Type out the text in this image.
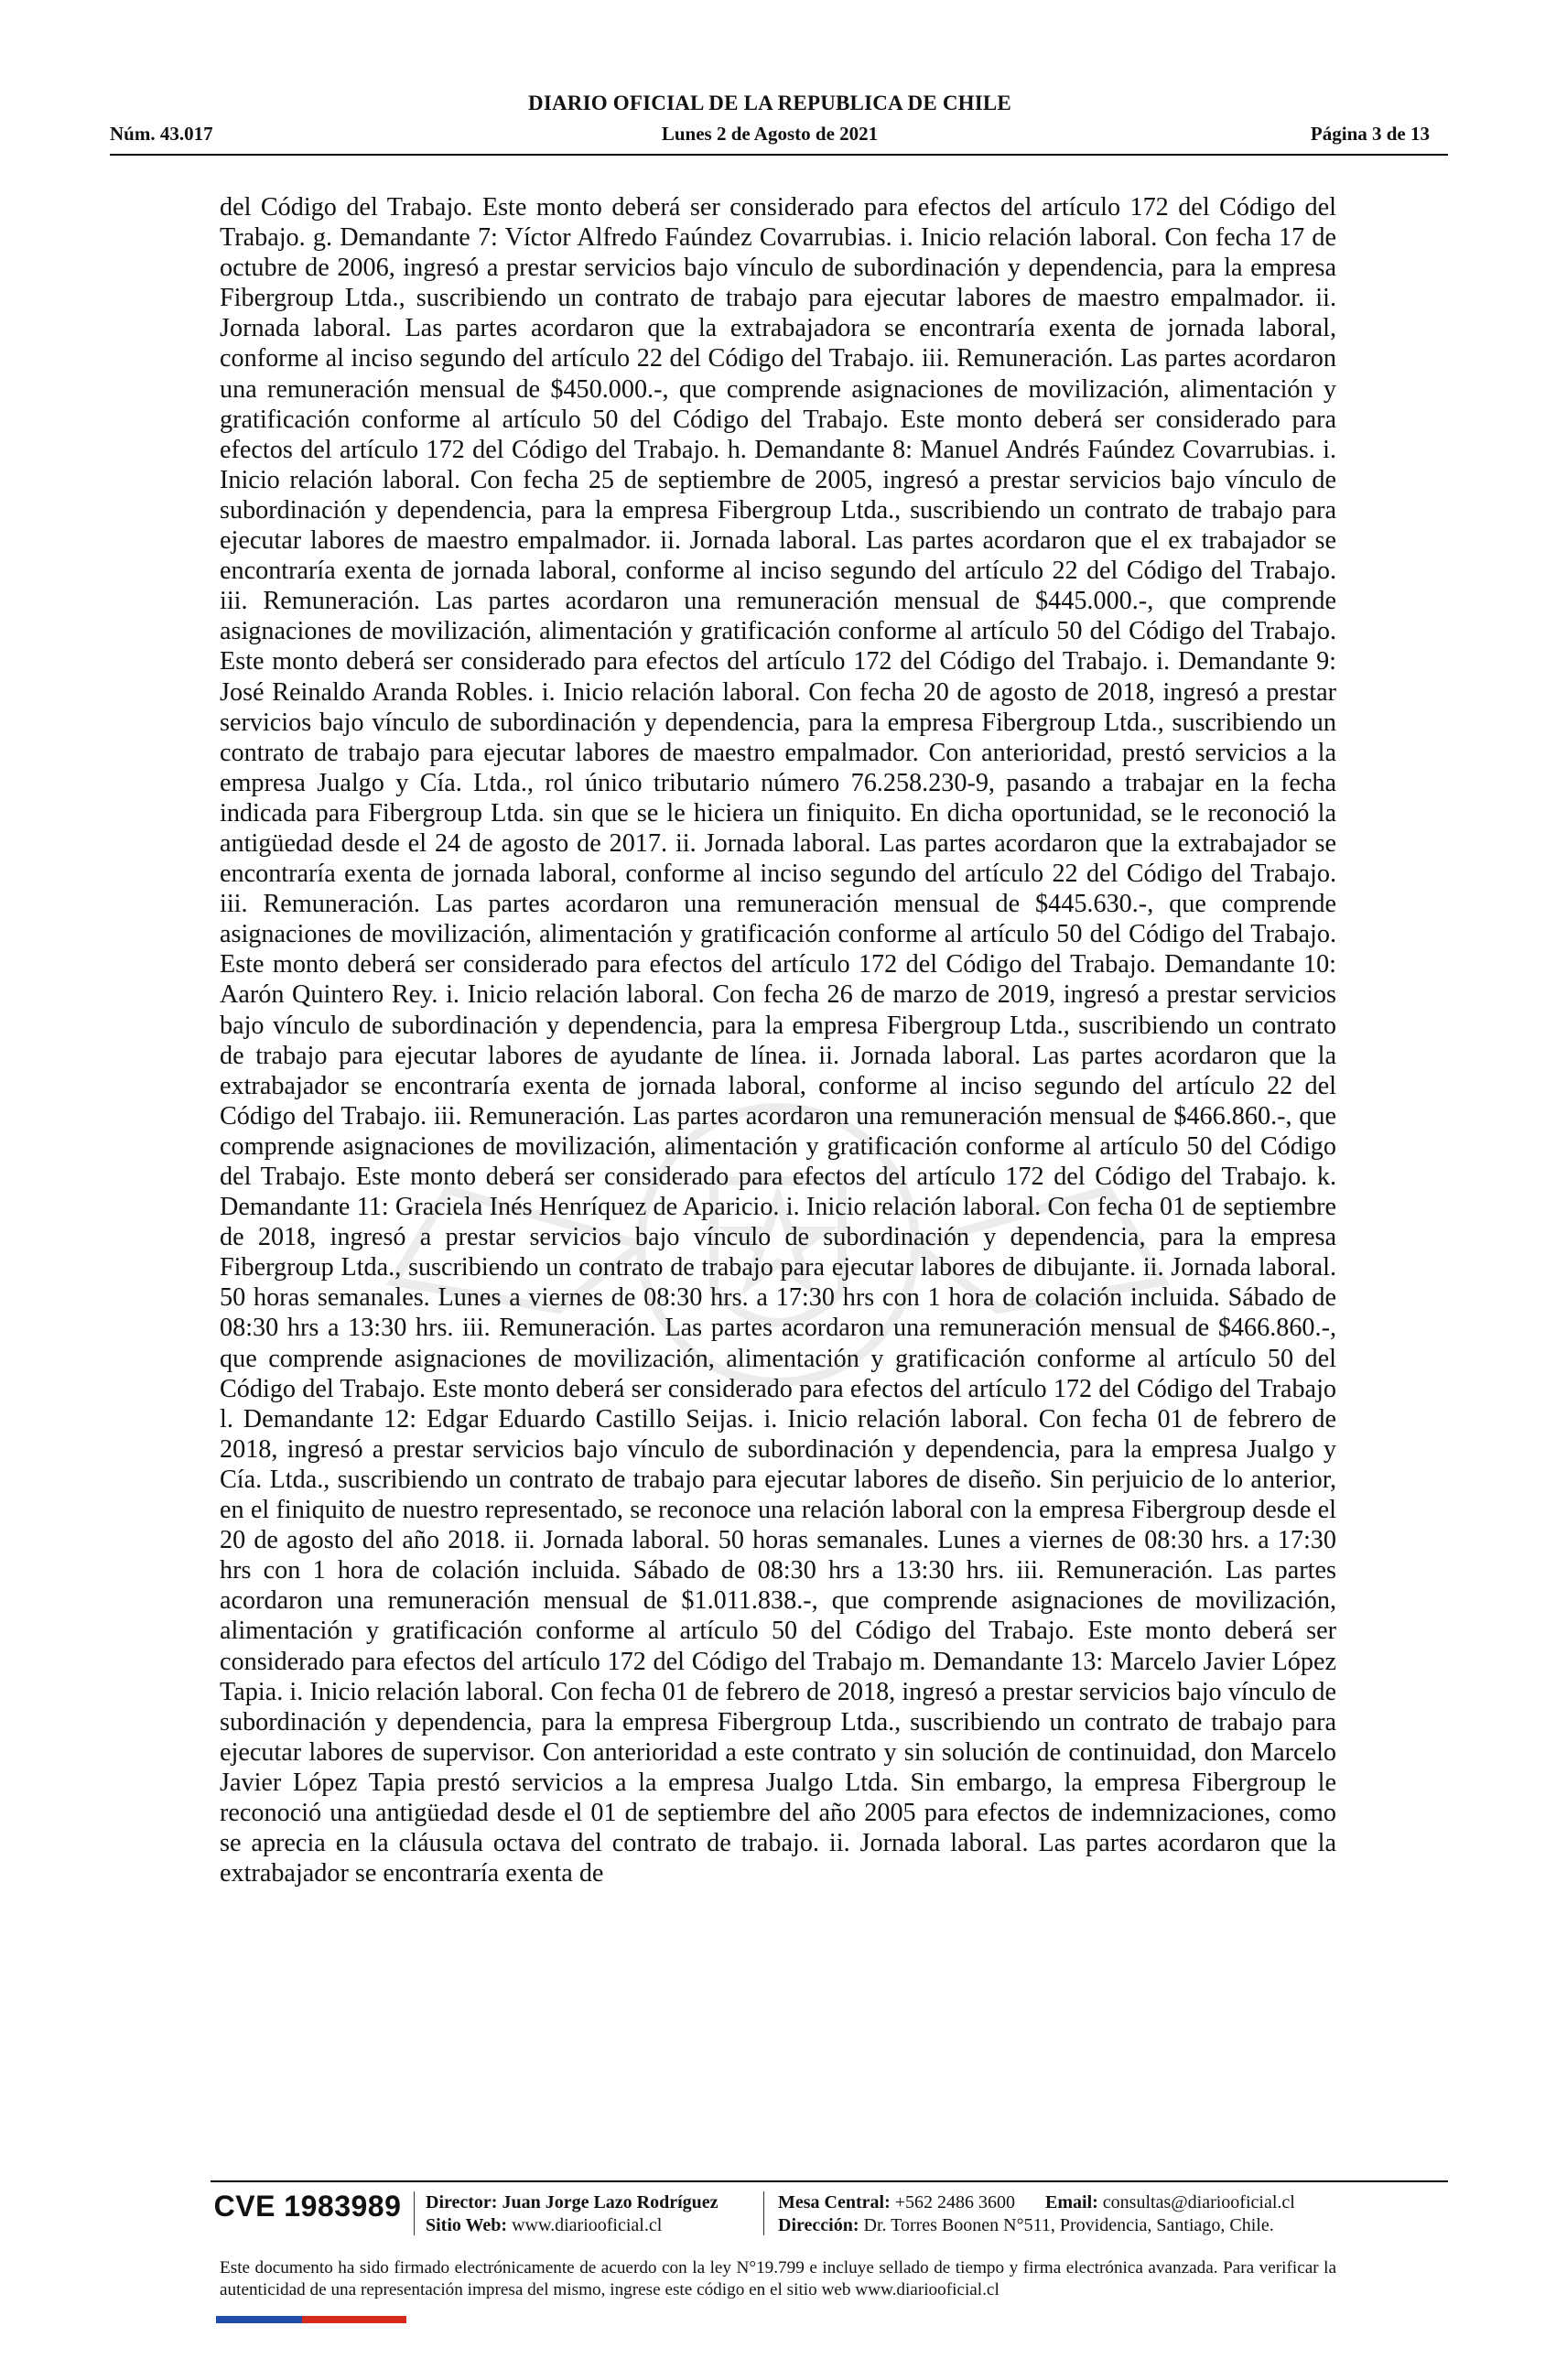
DIARIO OFICIAL DE LA REPUBLICA DE CHILE
Núm. 43.017	Lunes 2 de Agosto de 2021	Página 3 de 13
del Código del Trabajo. Este monto deberá ser considerado para efectos del artículo 172 del Código del Trabajo. g. Demandante 7: Víctor Alfredo Faúndez Covarrubias. i. Inicio relación laboral. Con fecha 17 de octubre de 2006, ingresó a prestar servicios bajo vínculo de subordinación y dependencia, para la empresa Fibergroup Ltda., suscribiendo un contrato de trabajo para ejecutar labores de maestro empalmador. ii. Jornada laboral. Las partes acordaron que la extrabajadora se encontraría exenta de jornada laboral, conforme al inciso segundo del artículo 22 del Código del Trabajo. iii. Remuneración. Las partes acordaron una remuneración mensual de $450.000.-, que comprende asignaciones de movilización, alimentación y gratificación conforme al artículo 50 del Código del Trabajo. Este monto deberá ser considerado para efectos del artículo 172 del Código del Trabajo. h. Demandante 8: Manuel Andrés Faúndez Covarrubias. i. Inicio relación laboral. Con fecha 25 de septiembre de 2005, ingresó a prestar servicios bajo vínculo de subordinación y dependencia, para la empresa Fibergroup Ltda., suscribiendo un contrato de trabajo para ejecutar labores de maestro empalmador. ii. Jornada laboral. Las partes acordaron que el ex trabajador se encontraría exenta de jornada laboral, conforme al inciso segundo del artículo 22 del Código del Trabajo. iii. Remuneración. Las partes acordaron una remuneración mensual de $445.000.-, que comprende asignaciones de movilización, alimentación y gratificación conforme al artículo 50 del Código del Trabajo. Este monto deberá ser considerado para efectos del artículo 172 del Código del Trabajo. i. Demandante 9: José Reinaldo Aranda Robles. i. Inicio relación laboral. Con fecha 20 de agosto de 2018, ingresó a prestar servicios bajo vínculo de subordinación y dependencia, para la empresa Fibergroup Ltda., suscribiendo un contrato de trabajo para ejecutar labores de maestro empalmador. Con anterioridad, prestó servicios a la empresa Jualgo y Cía. Ltda., rol único tributario número 76.258.230-9, pasando a trabajar en la fecha indicada para Fibergroup Ltda. sin que se le hiciera un finiquito. En dicha oportunidad, se le reconoció la antigüedad desde el 24 de agosto de 2017. ii. Jornada laboral. Las partes acordaron que la extrabajador se encontraría exenta de jornada laboral, conforme al inciso segundo del artículo 22 del Código del Trabajo. iii. Remuneración. Las partes acordaron una remuneración mensual de $445.630.-, que comprende asignaciones de movilización, alimentación y gratificación conforme al artículo 50 del Código del Trabajo. Este monto deberá ser considerado para efectos del artículo 172 del Código del Trabajo. Demandante 10: Aarón Quintero Rey. i. Inicio relación laboral. Con fecha 26 de marzo de 2019, ingresó a prestar servicios bajo vínculo de subordinación y dependencia, para la empresa Fibergroup Ltda., suscribiendo un contrato de trabajo para ejecutar labores de ayudante de línea. ii. Jornada laboral. Las partes acordaron que la extrabajador se encontraría exenta de jornada laboral, conforme al inciso segundo del artículo 22 del Código del Trabajo. iii. Remuneración. Las partes acordaron una remuneración mensual de $466.860.-, que comprende asignaciones de movilización, alimentación y gratificación conforme al artículo 50 del Código del Trabajo. Este monto deberá ser considerado para efectos del artículo 172 del Código del Trabajo. k. Demandante 11: Graciela Inés Henríquez de Aparicio. i. Inicio relación laboral. Con fecha 01 de septiembre de 2018, ingresó a prestar servicios bajo vínculo de subordinación y dependencia, para la empresa Fibergroup Ltda., suscribiendo un contrato de trabajo para ejecutar labores de dibujante. ii. Jornada laboral. 50 horas semanales. Lunes a viernes de 08:30 hrs. a 17:30 hrs con 1 hora de colación incluida. Sábado de 08:30 hrs a 13:30 hrs. iii. Remuneración. Las partes acordaron una remuneración mensual de $466.860.-, que comprende asignaciones de movilización, alimentación y gratificación conforme al artículo 50 del Código del Trabajo. Este monto deberá ser considerado para efectos del artículo 172 del Código del Trabajo l. Demandante 12: Edgar Eduardo Castillo Seijas. i. Inicio relación laboral. Con fecha 01 de febrero de 2018, ingresó a prestar servicios bajo vínculo de subordinación y dependencia, para la empresa Jualgo y Cía. Ltda., suscribiendo un contrato de trabajo para ejecutar labores de diseño. Sin perjuicio de lo anterior, en el finiquito de nuestro representado, se reconoce una relación laboral con la empresa Fibergroup desde el 20 de agosto del año 2018. ii. Jornada laboral. 50 horas semanales. Lunes a viernes de 08:30 hrs. a 17:30 hrs con 1 hora de colación incluida. Sábado de 08:30 hrs a 13:30 hrs. iii. Remuneración. Las partes acordaron una remuneración mensual de $1.011.838.-, que comprende asignaciones de movilización, alimentación y gratificación conforme al artículo 50 del Código del Trabajo. Este monto deberá ser considerado para efectos del artículo 172 del Código del Trabajo m. Demandante 13: Marcelo Javier López Tapia. i. Inicio relación laboral. Con fecha 01 de febrero de 2018, ingresó a prestar servicios bajo vínculo de subordinación y dependencia, para la empresa Fibergroup Ltda., suscribiendo un contrato de trabajo para ejecutar labores de supervisor. Con anterioridad a este contrato y sin solución de continuidad, don Marcelo Javier López Tapia prestó servicios a la empresa Jualgo Ltda. Sin embargo, la empresa Fibergroup le reconoció una antigüedad desde el 01 de septiembre del año 2005 para efectos de indemnizaciones, como se aprecia en la cláusula octava del contrato de trabajo. ii. Jornada laboral. Las partes acordaron que la extrabajador se encontraría exenta de
CVE 1983989 Director: Juan Jorge Lazo Rodríguez
Sitio Web: www.diariooficial.cl
Mesa Central: +562 2486 3600 Email: consultas@diariooficial.cl
Dirección: Dr. Torres Boonen N°511, Providencia, Santiago, Chile.
Este documento ha sido firmado electrónicamente de acuerdo con la ley N°19.799 e incluye sellado de tiempo y firma electrónica avanzada. Para verificar la autenticidad de una representación impresa del mismo, ingrese este código en el sitio web www.diariooficial.cl
